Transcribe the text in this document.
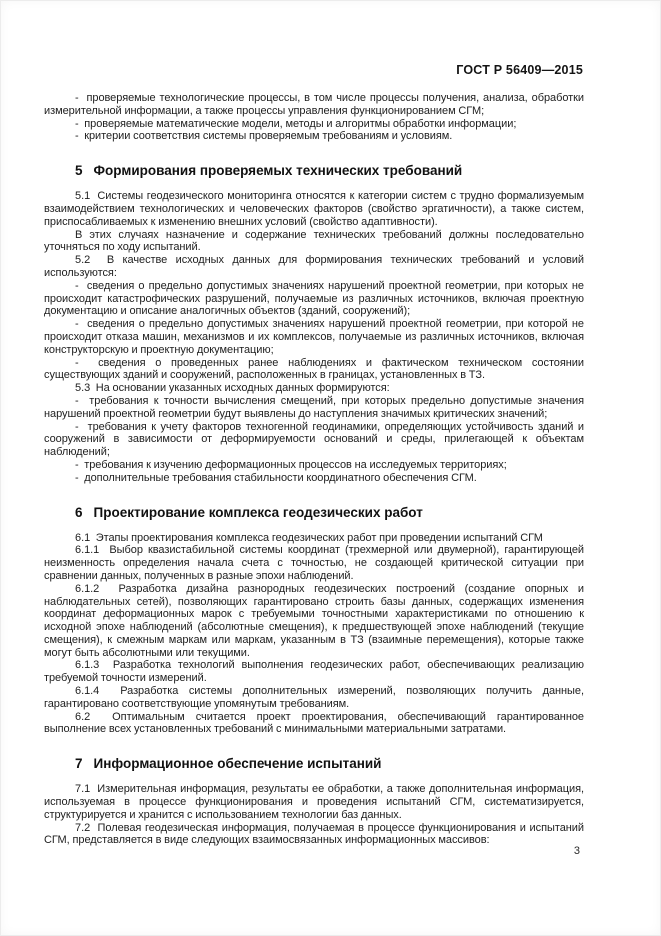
ГОСТ Р 56409—2015

-  проверяемые технологические процессы, в том числе процессы получения, анализа, обработки измерительной информации, а также процессы управления функционированием СГМ;

-  проверяемые математические модели, методы и алгоритмы обработки информации;

-  критерии соответствия системы проверяемым требованиям и условиям.

5 Формирования проверяемых технических требований

5.1  Системы геодезического мониторинга относятся к категории систем с трудно формализуемым взаимодействием технологических и человеческих факторов (свойство эргатичности), а также систем, приспосабливаемых к изменению внешних условий (свойство адаптивности).

В этих случаях назначение и содержание технических требований должны последовательно уточняться по ходу испытаний.

5.2  В качестве исходных данных для формирования технических требований и условий используются:

-  сведения о предельно допустимых значениях нарушений проектной геометрии, при которых не происходит катастрофических разрушений, получаемые из различных источников, включая проектную документацию и описание аналогичных объектов (зданий, сооружений);

-  сведения о предельно допустимых значениях нарушений проектной геометрии, при которой не происходит отказа машин, механизмов и их комплексов, получаемые из различных источников, включая конструкторскую и проектную документацию;

-  сведения о проведенных ранее наблюдениях и фактическом техническом состоянии существующих зданий и сооружений, расположенных в границах, установленных в ТЗ.

5.3  На основании указанных исходных данных формируются:

-  требования к точности вычисления смещений, при которых предельно допустимые значения нарушений проектной геометрии будут выявлены до наступления значимых критических значений;

-  требования к учету факторов техногенной геодинамики, определяющих устойчивость зданий и сооружений в зависимости от деформируемости оснований и среды, прилегающей к объектам наблюдений;

-  требования к изучению деформационных процессов на исследуемых территориях;

-  дополнительные требования стабильности координатного обеспечения СГМ.

6 Проектирование комплекса геодезических работ

6.1  Этапы проектирования комплекса геодезических работ при проведении испытаний СГМ

6.1.1  Выбор квазистабильной системы координат (трехмерной или двумерной), гарантирующей неизменность определения начала счета с точностью, не создающей критической ситуации при сравнении данных, полученных в разные эпохи наблюдений.

6.1.2  Разработка дизайна разнородных геодезических построений (создание опорных и наблюдательных сетей), позволяющих гарантировано строить базы данных, содержащих изменения координат деформационных марок с требуемыми точностными характеристиками по отношению к исходной эпохе наблюдений (абсолютные смещения), к предшествующей эпохе наблюдений (текущие смещения), к смежным маркам или маркам, указанным в ТЗ (взаимные перемещения), которые также могут быть абсолютными или текущими.

6.1.3  Разработка технологий выполнения геодезических работ, обеспечивающих реализацию требуемой точности измерений.

6.1.4  Разработка системы дополнительных измерений, позволяющих получить данные, гарантировано соответствующие упомянутым требованиям.

6.2  Оптимальным считается проект проектирования, обеспечивающий гарантированное выполнение всех установленных требований с минимальными материальными затратами.

7 Информационное обеспечение испытаний

7.1  Измерительная информация, результаты ее обработки, а также дополнительная информация, используемая в процессе функционирования и проведения испытаний СГМ, систематизируется, структурируется и хранится с использованием технологии баз данных.

7.2  Полевая геодезическая информация, получаемая в процессе функционирования и испытаний СГМ, представляется в виде следующих взаимосвязанных информационных массивов:

3
